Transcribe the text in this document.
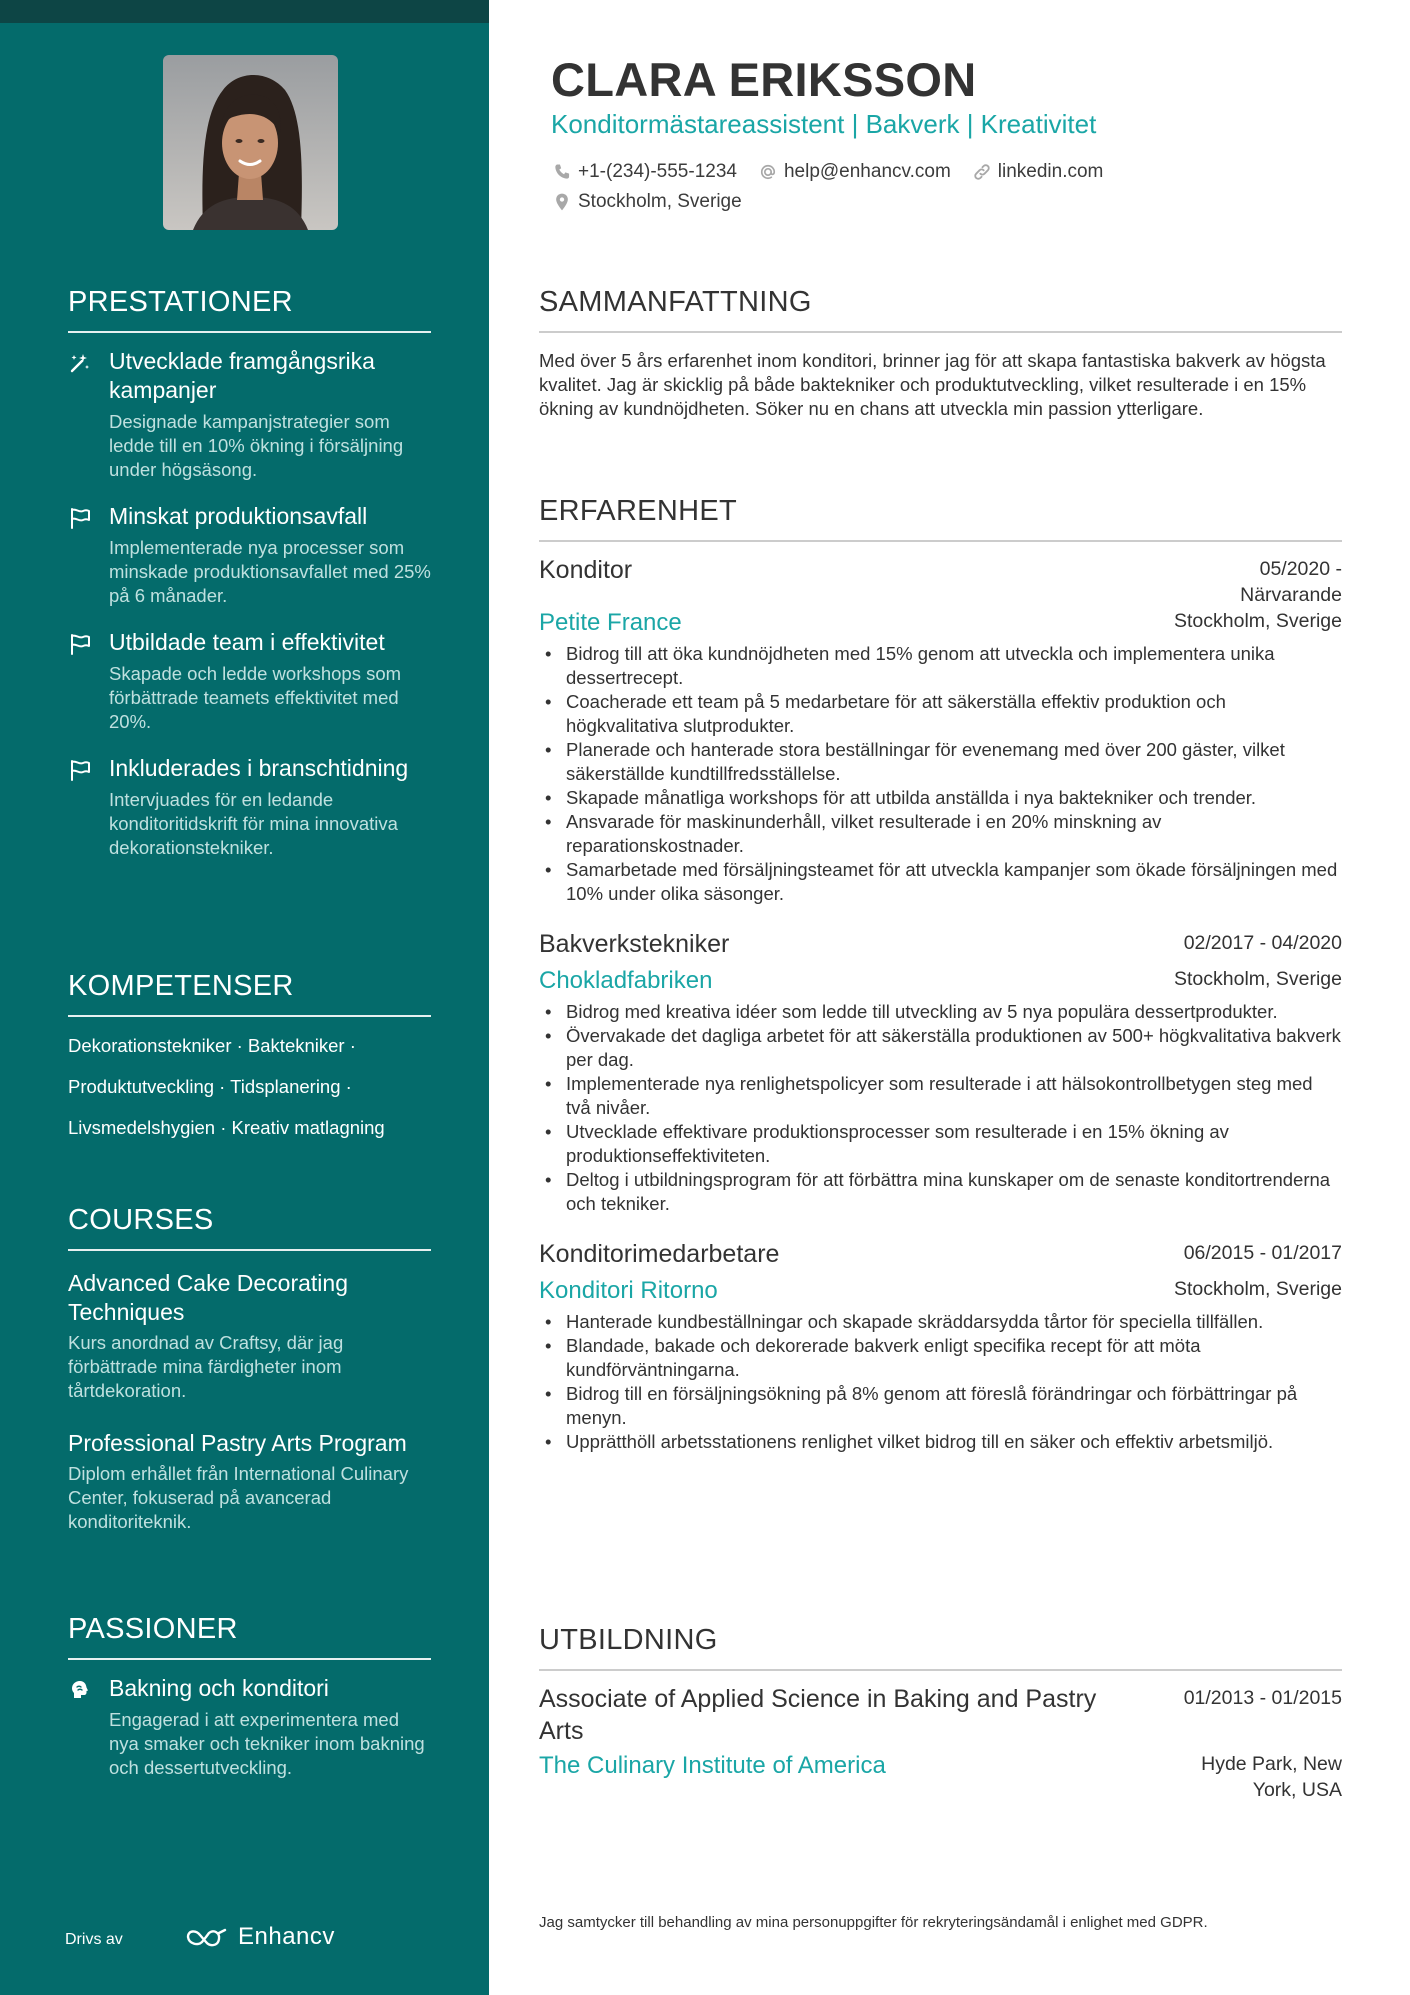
PRESTATIONER
Utvecklade framgångsrika kampanjer
Designade kampanjstrategier som ledde till en 10% ökning i försäljning under högsäsong.
Minskat produktionsavfall
Implementerade nya processer som minskade produktionsavfallet med 25% på 6 månader.
Utbildade team i effektivitet
Skapade och ledde workshops som förbättrade teamets effektivitet med 20%.
Inkluderades i branschtidning
Intervjuades för en ledande konditoritidskrift för mina innovativa dekorationstekniker.
KOMPETENSER
Dekorationstekniker · Baktekniker ·
Produktutveckling · Tidsplanering ·
Livsmedelshygien · Kreativ matlagning
COURSES
Advanced Cake Decorating Techniques
Kurs anordnad av Craftsy, där jag förbättrade mina färdigheter inom tårtdekoration.
Professional Pastry Arts Program
Diplom erhållet från International Culinary Center, fokuserad på avancerad konditoriteknik.
PASSIONER
Bakning och konditori
Engagerad i att experimentera med nya smaker och tekniker inom bakning och dessertutveckling.
Drivs av	Enhancv
CLARA ERIKSSON
Konditormästareassistent | Bakverk | Kreativitet
+1-(234)-555-1234 help@enhancv.com linkedin.com
Stockholm, Sverige
SAMMANFATTNING
Med över 5 års erfarenhet inom konditori, brinner jag för att skapa fantastiska bakverk av högsta kvalitet. Jag är skicklig på både baktekniker och produktutveckling, vilket resulterade i en 15% ökning av kundnöjdheten. Söker nu en chans att utveckla min passion ytterligare.
ERFARENHET
Konditor	05/2020 -
Närvarande
Petite France	Stockholm, Sverige
• Bidrog till att öka kundnöjdheten med 15% genom att utveckla och implementera unika dessertrecept.
• Coacherade ett team på 5 medarbetare för att säkerställa effektiv produktion och högkvalitativa slutprodukter.
• Planerade och hanterade stora beställningar för evenemang med över 200 gäster, vilket säkerställde kundtillfredsställelse.
• Skapade månatliga workshops för att utbilda anställda i nya baktekniker och trender.
• Ansvarade för maskinunderhåll, vilket resulterade i en 20% minskning av reparationskostnader.
• Samarbetade med försäljningsteamet för att utveckla kampanjer som ökade försäljningen med 10% under olika säsonger.
Bakverkstekniker	02/2017 - 04/2020
Chokladfabriken	Stockholm, Sverige
• Bidrog med kreativa idéer som ledde till utveckling av 5 nya populära dessertprodukter.
• Övervakade det dagliga arbetet för att säkerställa produktionen av 500+ högkvalitativa bakverk per dag.
• Implementerade nya renlighetspolicyer som resulterade i att hälsokontrollbetygen steg med två nivåer.
• Utvecklade effektivare produktionsprocesser som resulterade i en 15% ökning av produktionseffektiviteten.
• Deltog i utbildningsprogram för att förbättra mina kunskaper om de senaste konditortrenderna och tekniker.
Konditorimedarbetare	06/2015 - 01/2017
Konditori Ritorno	Stockholm, Sverige
• Hanterade kundbeställningar och skapade skräddarsydda tårtor för speciella tillfällen.
• Blandade, bakade och dekorerade bakverk enligt specifika recept för att möta kundförväntningarna.
• Bidrog till en försäljningsökning på 8% genom att föreslå förändringar och förbättringar på menyn.
• Upprätthöll arbetsstationens renlighet vilket bidrog till en säker och effektiv arbetsmiljö.
UTBILDNING
Associate of Applied Science in Baking and Pastry Arts
01/2013 - 01/2015
The Culinary Institute of America	Hyde Park, New
York, USA
Jag samtycker till behandling av mina personuppgifter för rekryteringsändamål i enlighet med GDPR.
